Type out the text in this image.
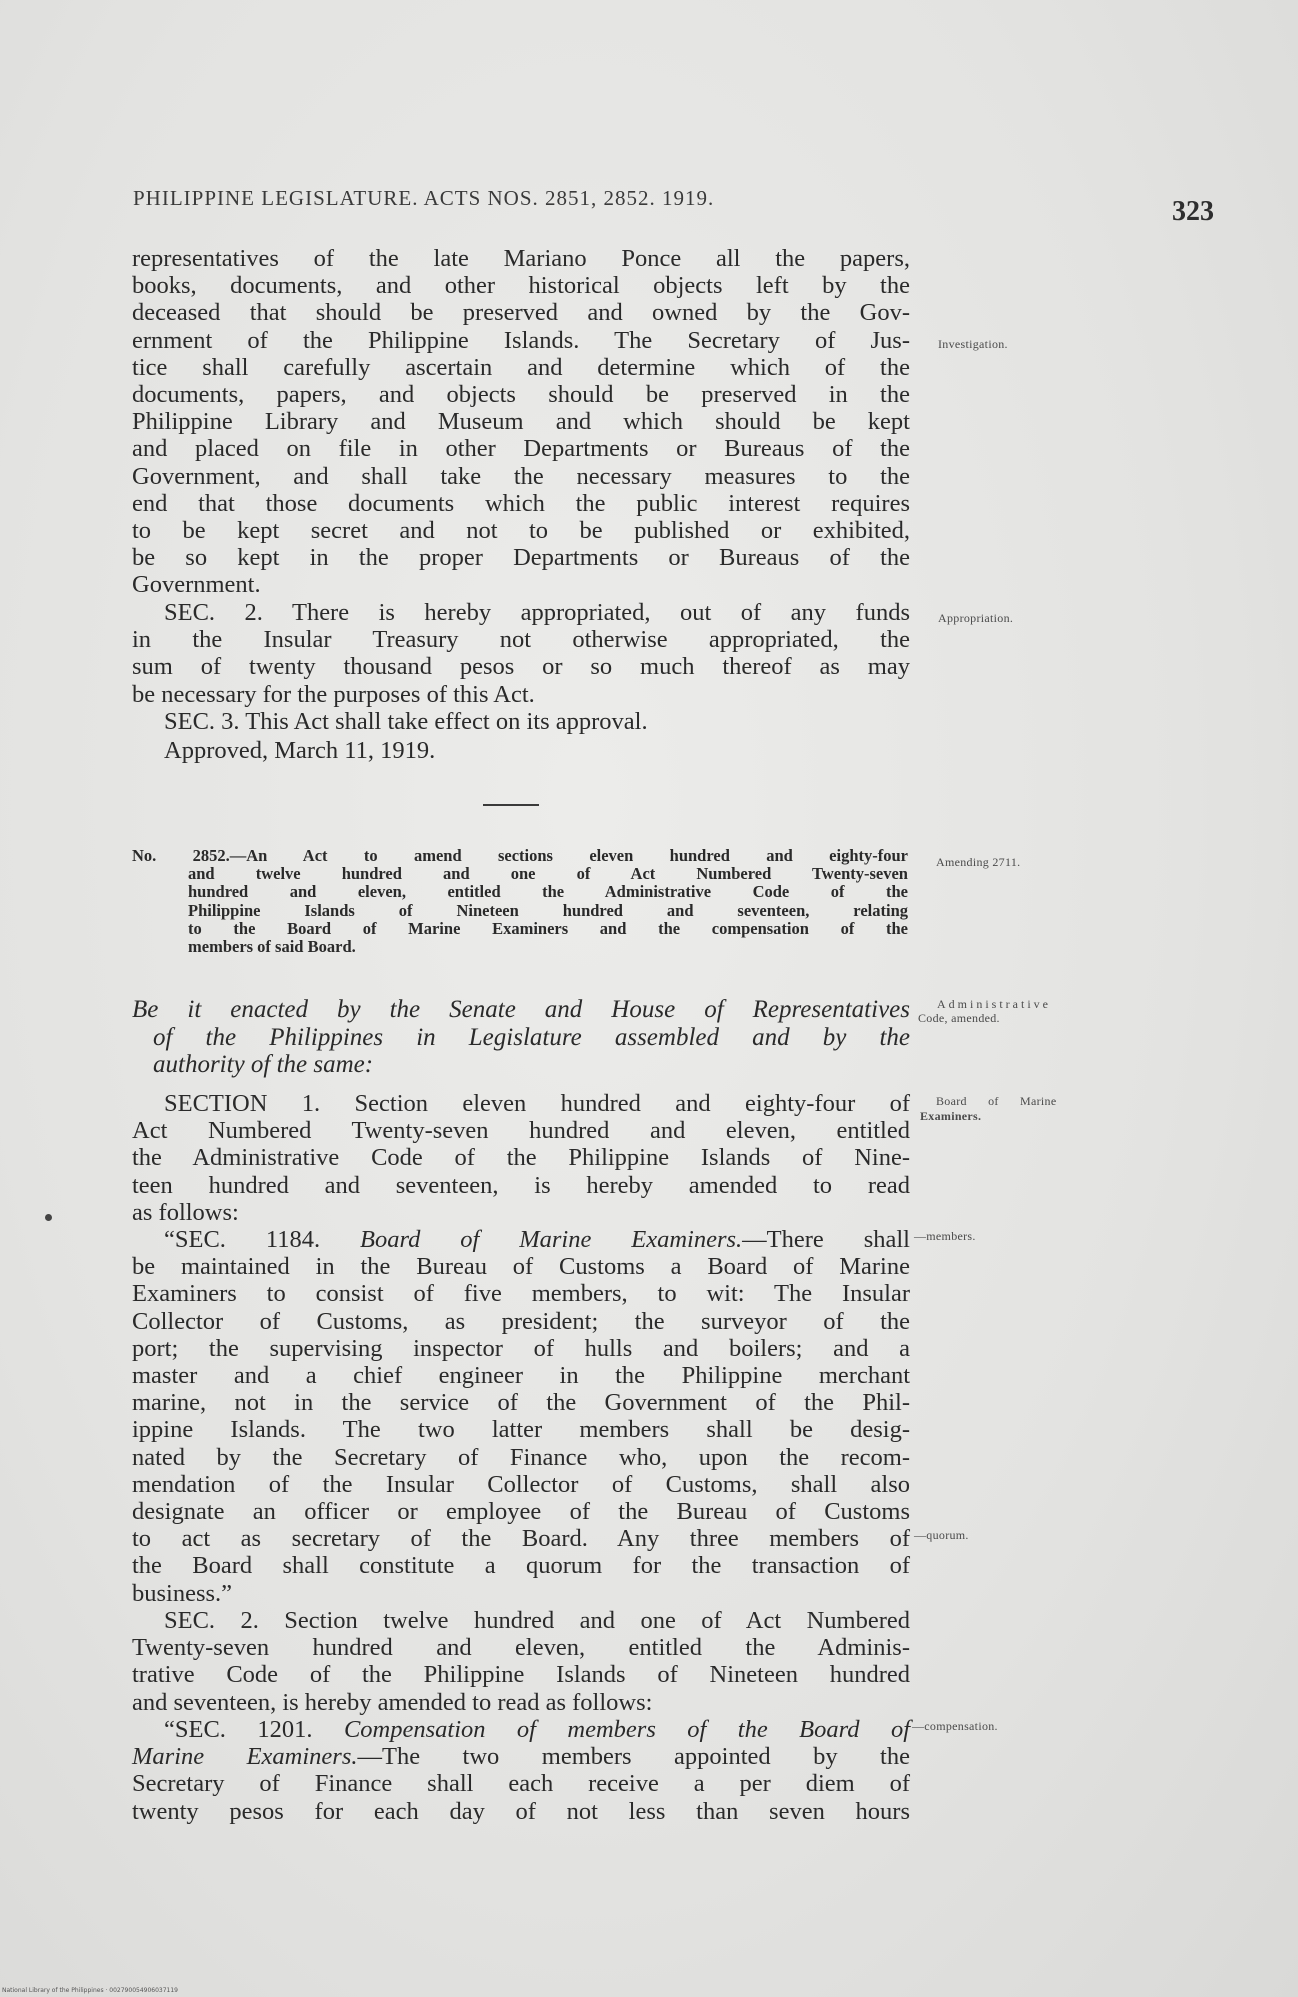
PHILIPPINE LEGISLATURE. ACTS NOS. 2851, 2852. 1919.	323

representatives of the late Mariano Ponce all the papers,

books, documents, and other historical objects left by the

deceased that should be preserved and owned by the Gov-

ernment of the Philippine Islands. The Secretary of Jus-

tice shall carefully ascertain and determine which of the

documents, papers, and objects should be preserved in the

Philippine Library and Museum and which should be kept

and placed on file in other Departments or Bureaus of the

Government, and shall take the necessary measures to the

end that those documents which the public interest requires

to be kept secret and not to be published or exhibited,

be so kept in the proper Departments or Bureaus of the

Government.

SEC. 2. There is hereby appropriated, out of any funds

in the Insular Treasury not otherwise appropriated, the

sum of twenty thousand pesos or so much thereof as may

be necessary for the purposes of this Act.

SEC. 3. This Act shall take effect on its approval.

Approved, March 11, 1919.

No. 2852.—An Act to amend sections eleven hundred and eighty-four

and twelve hundred and one of Act Numbered Twenty-seven

hundred and eleven, entitled the Administrative Code of the

Philippine Islands of Nineteen hundred and seventeen, relating

to the Board of Marine Examiners and the compensation of the

members of said Board.

Be it enacted by the Senate and House of Representatives

of the Philippines in Legislature assembled and by the

authority of the same:

SECTION 1. Section eleven hundred and eighty-four of

Act Numbered Twenty-seven hundred and eleven, entitled

the Administrative Code of the Philippine Islands of Nine-

teen hundred and seventeen, is hereby amended to read

as follows:

“SEC. 1184. Board of Marine Examiners.—There shall

be maintained in the Bureau of Customs a Board of Marine

Examiners to consist of five members, to wit: The Insular

Collector of Customs, as president; the surveyor of the

port; the supervising inspector of hulls and boilers; and a

master and a chief engineer in the Philippine merchant

marine, not in the service of the Government of the Phil-

ippine Islands. The two latter members shall be desig-

nated by the Secretary of Finance who, upon the recom-

mendation of the Insular Collector of Customs, shall also

designate an officer or employee of the Bureau of Customs

to act as secretary of the Board. Any three members of

the Board shall constitute a quorum for the transaction of

business.”

SEC. 2. Section twelve hundred and one of Act Numbered

Twenty-seven hundred and eleven, entitled the Adminis-

trative Code of the Philippine Islands of Nineteen hundred

and seventeen, is hereby amended to read as follows:

“SEC. 1201. Compensation of members of the Board of

Marine Examiners.—The two members appointed by the

Secretary of Finance shall each receive a per diem of

twenty pesos for each day of not less than seven hours

Investigation.
Appropriation.
Amending 2711.
Administrative
Code, amended.
Board of Marine
Examiners.
—members.
—quorum.
—compensation.
National Library of the Philippines · 002790054906037119
